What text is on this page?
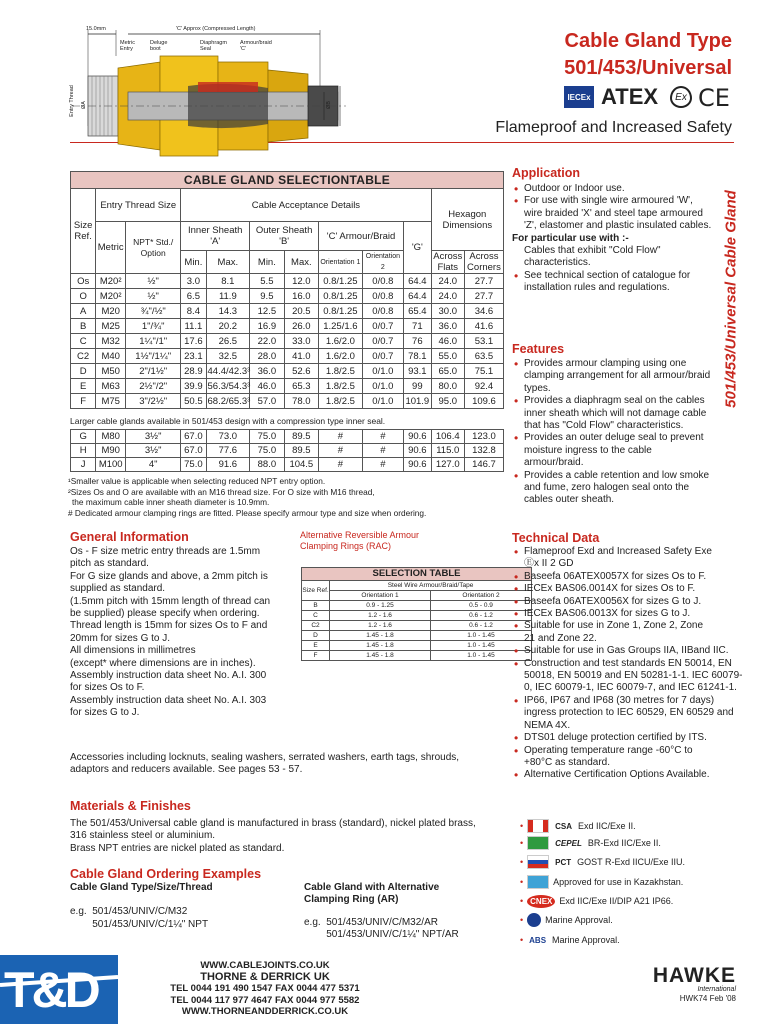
Cable Gland Type
501/453/Universal
IECEx ATEX	Ex CE
Flameproof and Increased Safety
15.0mm	'C' Approx (Compressed Length)
Metric Entry
Deluge boot
Diaphragm Seal
Armour/braid 'C'
Entry Thread ØA	ØB
CABLE GLAND SELECTIONTABLE											
Size Ref.	Entry Thread Size		Cable Acceptance Details							Hexagon Dimensions	
	Metric	NPT* Std./ Option	Inner Sheath 'A'		Outer Sheath 'B'		'C' Armour/Braid		'G'		
			Min.	Max.	Min.	Max.	Orientation 1	Orientation 2		Across Flats	Across Corners
Os	M20²	½"	3.0	8.1	5.5	12.0	0.8/1.25	0/0.8	64.4	24.0	27.7
O	M20²	½"	6.5	11.9	9.5	16.0	0.8/1.25	0/0.8	64.4	24.0	27.7
A	M20	¾"/½"	8.4	14.3	12.5	20.5	0.8/1.25	0/0.8	65.4	30.0	34.6
B	M25	1"/¾"	11.1	20.2	16.9	26.0	1.25/1.6	0/0.7	71	36.0	41.6
C	M32	1¼"/1"	17.6	26.5	22.0	33.0	1.6/2.0	0/0.7	76	46.0	53.1
C2	M40	1½"/1¼"	23.1	32.5	28.0	41.0	1.6/2.0	0/0.7	78.1	55.0	63.5
D	M50	2"/1½"	28.9	44.4/42.3³	36.0	52.6	1.8/2.5	0/1.0	93.1	65.0	75.1
E	M63	2½"/2"	39.9	56.3/54.3³	46.0	65.3	1.8/2.5	0/1.0	99	80.0	92.4
F	M75	3"/2½"	50.5	68.2/65.3³	57.0	78.0	1.8/2.5	0/1.0	101.9	95.0	109.6
Larger cable glands available in 501/453 design with a compression type inner seal.
G	M80	3½"	67.0	73.0	75.0	89.5	#	#	90.6	106.4	123.0
H	M90	3½"	67.0	77.6	75.0	89.5	#	#	90.6	115.0	132.8
J	M100	4"	75.0	91.6	88.0	104.5	#	#	90.6	127.0	146.7
¹Smaller value is applicable when selecting reduced NPT entry option.
²Sizes Os and O are available with an M16 thread size. For O size with M16 thread,
the maximum cable inner sheath diameter is 10.9mm.
# Dedicated armour clamping rings are fitted. Please specify armour type and size when ordering.
General Information
Os - F size metric entry threads are 1.5mm
pitch as standard.
For G size glands and above, a 2mm pitch is
supplied as standard.
(1.5mm pitch with 15mm length of thread can
be supplied) please specify when ordering.
Thread length is 15mm for sizes Os to F and
20mm for sizes G to J.
All dimensions in millimetres
(except* where dimensions are in inches).
Assembly instruction data sheet No. A.I. 300
for sizes Os to F.
Assembly instruction data sheet No. A.I. 303
for sizes G to J.
Alternative Reversible Armour
Clamping Rings (RAC)
SELECTION TABLE		
Size Ref.	Steel Wire Armour/Braid/Tape	
	Orientation 1	Orientation 2
B	0.9 - 1.25	0.5 - 0.9
C	1.2 - 1.6	0.6 - 1.2
C2	1.2 - 1.6	0.6 - 1.2
D	1.45 - 1.8	1.0 - 1.45
E	1.45 - 1.8	1.0 - 1.45
F	1.45 - 1.8	1.0 - 1.45
Accessories including locknuts, sealing washers, serrated washers, earth tags, shrouds,
adaptors and reducers available. See pages 53 - 57.
Materials & Finishes
The 501/453/Universal cable gland is manufactured in brass (standard), nickel plated brass,
316 stainless steel or aluminium.
Brass NPT entries are nickel plated as standard.
Cable Gland Ordering Examples
Cable Gland Type/Size/Thread
e.g.  501/453/UNIV/C/M32
501/453/UNIV/C/1¼" NPT
Cable Gland with Alternative
Clamping Ring (AR)
e.g.  501/453/UNIV/C/M32/AR
501/453/UNIV/C/1¼" NPT/AR
Application
• Outdoor or Indoor use.
• For use with single wire armoured 'W', wire braided 'X' and steel tape armoured 'Z', elastomer and plastic insulated cables.
For particular use with :-
Cables that exhibit "Cold Flow" characteristics.
• See technical section of catalogue for installation rules and regulations.
Features
• Provides armour clamping using one clamping arrangement for all armour/braid types.
• Provides a diaphragm seal on the cables inner sheath which will not damage cable that has "Cold Flow" characteristics.
• Provides an outer deluge seal to prevent moisture ingress to the cable armour/braid.
• Provides a cable retention and low smoke and fume, zero halogen seal onto the cables outer sheath.
Technical Data
• Flameproof Exd and Increased Safety Exe Ⓔx II 2 GD
• Baseefa 06ATEX0057X for sizes Os to F.
• IECEx BAS06.0014X for sizes Os to F.
• Baseefa 06ATEX0056X for sizes G to J.
• IECEx BAS06.0013X for sizes G to J.
• Suitable for use in Zone 1, Zone 2, Zone 21 and Zone 22.
• Suitable for use in Gas Groups IIA, IIBand IIC.
• Construction and test standards EN 50014, EN 50018, EN 50019 and EN 50281-1-1. IEC 60079-0, IEC 60079-1, IEC 60079-7, and IEC 61241-1.
• IP66, IP67 and IP68 (30 metres for 7 days) ingress protection to IEC 60529, EN 60529 and NEMA 4X.
• DTS01 deluge protection certified by ITS.
• Operating temperature range -60°C to +80°C as standard.
• Alternative Certification Options Available.
•	CSA Exd IIC/Exe II.
•	CEPEL BR-Exd IIC/Exe II.
•	PCT GOST R-Exd IICU/Exe IIU.
•	Approved for use in Kazakhstan.
• CNEX Exd IIC/Exe II/DIP A21 IP66.
• Marine Approval.
• ABS Marine Approval.
501/453/Universal Cable Gland
T&D	WWW.CABLEJOINTS.CO.UK
THORNE & DERRICK UK
TEL 0044 191 490 1547 FAX 0044 477 5371
TEL 0044 117 977 4647 FAX 0044 977 5582
WWW.THORNEANDDERRICK.CO.UK
HAWKE
International
HWK74 Feb '08
